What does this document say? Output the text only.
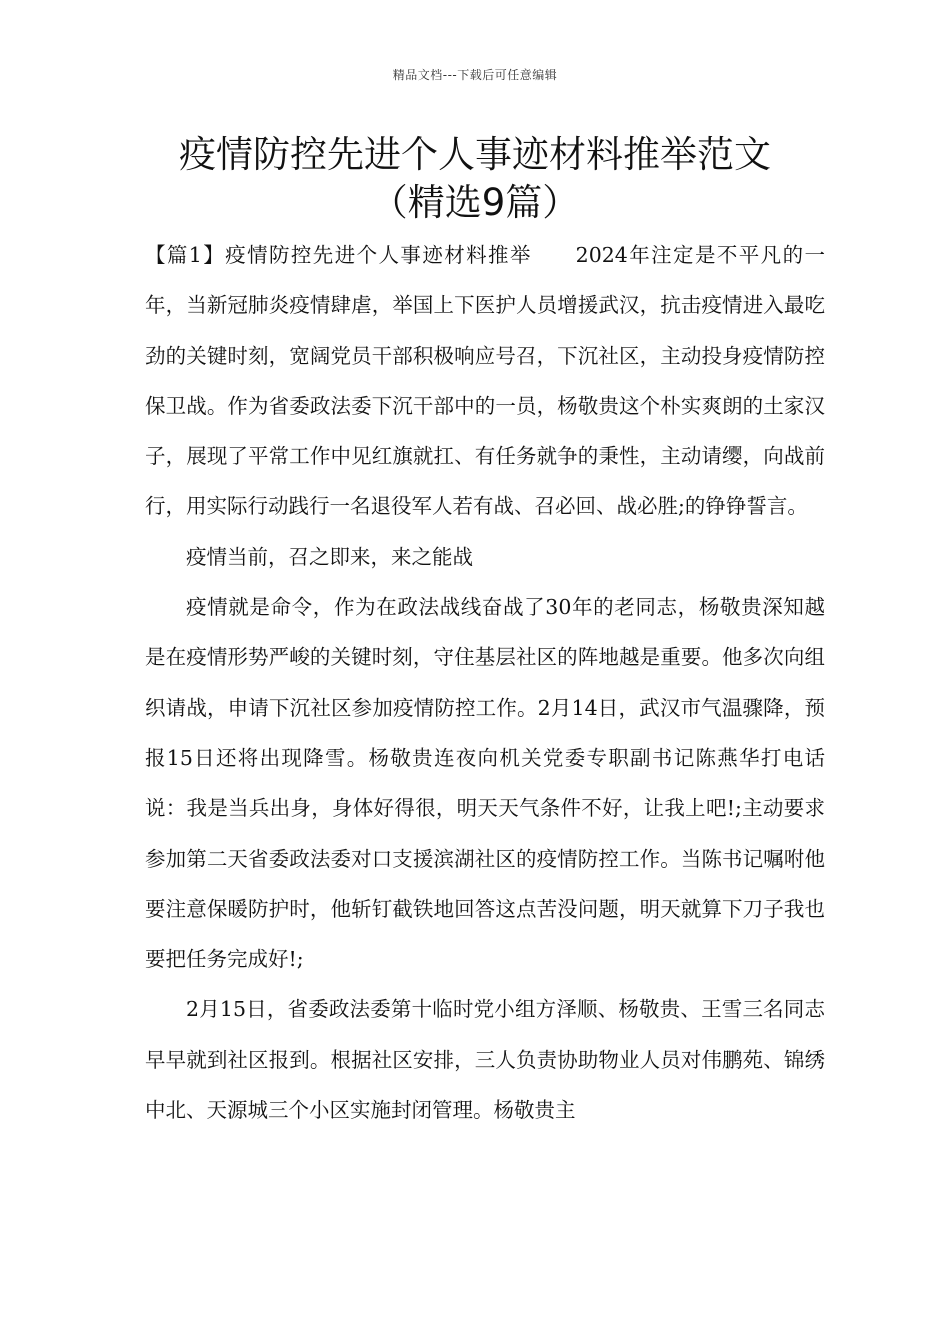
精品文档---下载后可任意编辑
疫情防控先进个人事迹材料推举范文
（精选9篇）

【篇1】疫情防控先进个人事迹材料推举　　2024年注定是不平凡的一年，当新冠肺炎疫情肆虐，举国上下医护人员增援武汉，抗击疫情进入最吃劲的关键时刻，宽阔党员干部积极响应号召，下沉社区，主动投身疫情防控保卫战。作为省委政法委下沉干部中的一员，杨敬贵这个朴实爽朗的土家汉子，展现了平常工作中见红旗就扛、有任务就争的秉性，主动请缨，向战前行，用实际行动践行一名退役军人若有战、召必回、战必胜;的铮铮誓言。

疫情当前，召之即来，来之能战

疫情就是命令，作为在政法战线奋战了30年的老同志，杨敬贵深知越是在疫情形势严峻的关键时刻，守住基层社区的阵地越是重要。他多次向组织请战，申请下沉社区参加疫情防控工作。2月14日，武汉市气温骤降，预报15日还将出现降雪。杨敬贵连夜向机关党委专职副书记陈燕华打电话说：我是当兵出身，身体好得很，明天天气条件不好，让我上吧!;主动要求参加第二天省委政法委对口支援滨湖社区的疫情防控工作。当陈书记嘱咐他要注意保暖防护时，他斩钉截铁地回答这点苦没问题，明天就算下刀子我也要把任务完成好!;

2月15日，省委政法委第十临时党小组方泽顺、杨敬贵、王雪三名同志早早就到社区报到。根据社区安排，三人负责协助物业人员对伟鹏苑、锦绣中北、天源城三个小区实施封闭管理。杨敬贵主
